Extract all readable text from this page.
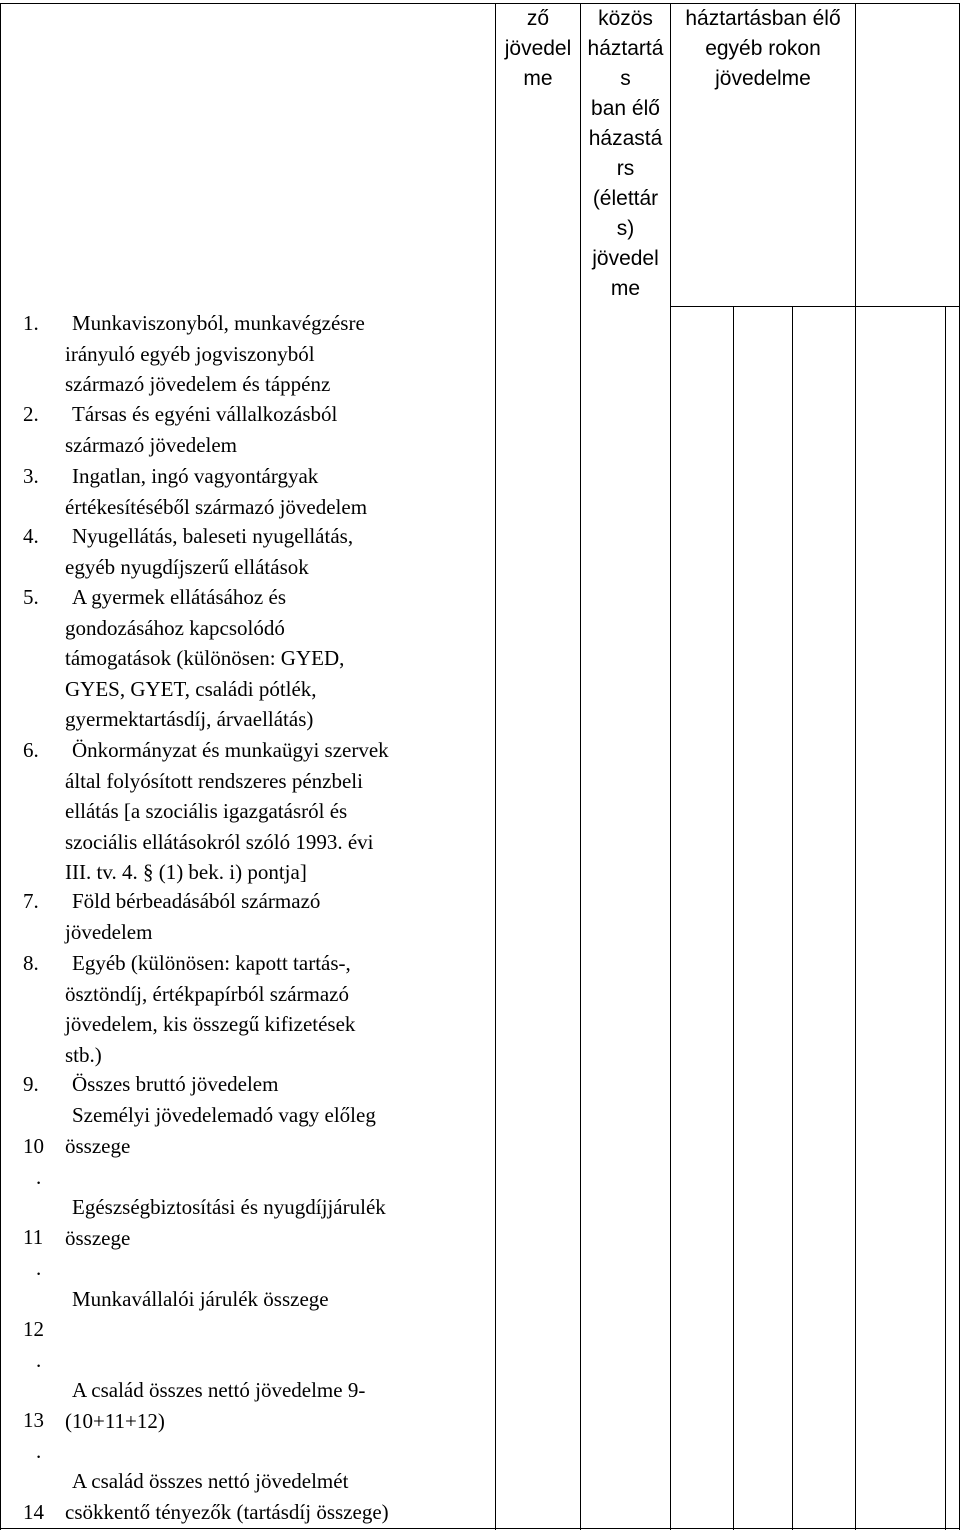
ző
jövedel
me
közös
háztartá
s
ban élő
házastá
rs
(élettár
s)
jövedel
me
háztartásban élő
egyéb rokon
jövedelme
1. Munkaviszonyból, munkavégzésre
irányuló egyéb jogviszonyból
származó jövedelem és táppénz
2. Társas és egyéni vállalkozásból
származó jövedelem
3. Ingatlan, ingó vagyontárgyak
értékesítéséből származó jövedelem
4. Nyugellátás, baleseti nyugellátás,
egyéb nyugdíjszerű ellátások
5. A gyermek ellátásához és
gondozásához kapcsolódó
támogatások (különösen: GYED,
GYES, GYET, családi pótlék,
gyermektartásdíj, árvaellátás)
6. Önkormányzat és munkaügyi szervek
által folyósított rendszeres pénzbeli
ellátás [a szociális igazgatásról és
szociális ellátásokról szóló 1993. évi
III. tv. 4. § (1) bek. i) pontja]
7. Föld bérbeadásából származó
jövedelem
8. Egyéb (különösen: kapott tartás-,
ösztöndíj, értékpapírból származó
jövedelem, kis összegű kifizetések
stb.)
9. Összes bruttó jövedelem
10
.
Személyi jövedelemadó vagy előleg
összege
11
.
Egészségbiztosítási és nyugdíjjárulék
összege
12
.
Munkavállalói járulék összege
13
.
A család összes nettó jövedelme 9-
(10+11+12)
14
A család összes nettó jövedelmét
csökkentő tényezők (tartásdíj összege)
